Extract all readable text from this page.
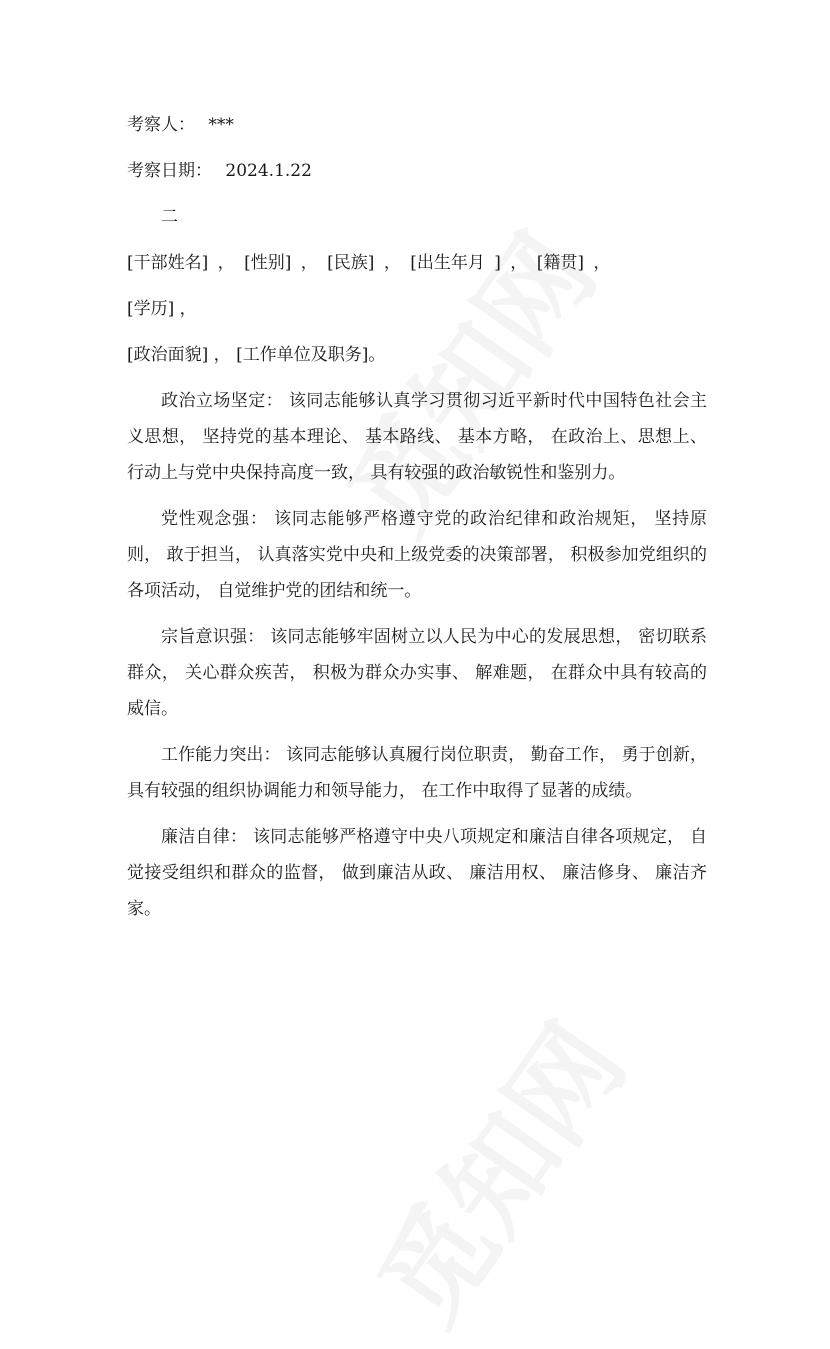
考察人： ***

考察日期： 2024.1.22

二

[干部姓名] ， [性别] ， [民族] ， [出生年月 ] ， [籍贯] ，

[学历] ，

[政治面貌] ， [工作单位及职务]。

政治立场坚定： 该同志能够认真学习贯彻习近平新时代中国特色社会主义思想， 坚持党的基本理论、 基本路线、 基本方略， 在政治上、思想上、 行动上与党中央保持高度一致， 具有较强的政治敏锐性和鉴别力。

党性观念强： 该同志能够严格遵守党的政治纪律和政治规矩， 坚持原则， 敢于担当， 认真落实党中央和上级党委的决策部署， 积极参加党组织的各项活动， 自觉维护党的团结和统一。

宗旨意识强： 该同志能够牢固树立以人民为中心的发展思想， 密切联系群众， 关心群众疾苦， 积极为群众办实事、 解难题， 在群众中具有较高的威信。

工作能力突出： 该同志能够认真履行岗位职责， 勤奋工作， 勇于创新， 具有较强的组织协调能力和领导能力， 在工作中取得了显著的成绩。

廉洁自律： 该同志能够严格遵守中央八项规定和廉洁自律各项规定， 自觉接受组织和群众的监督， 做到廉洁从政、 廉洁用权、 廉洁修身、 廉洁齐家。
